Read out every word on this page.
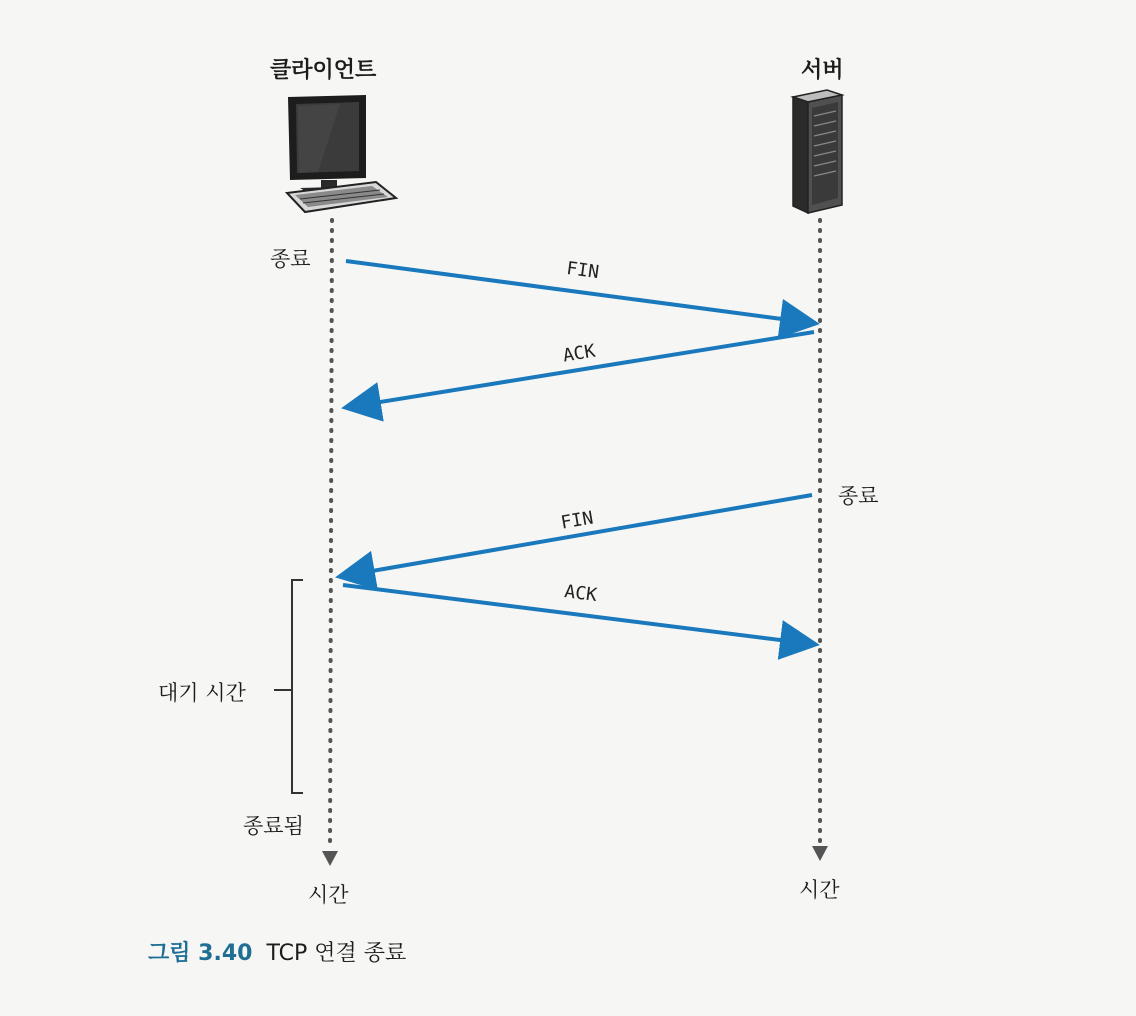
FIN
ACK
FIN
ACK
클라이언트	서버
종료
종료
대기 시간
종료됨
시간	시간
그림 3.40 TCP 연결 종료
